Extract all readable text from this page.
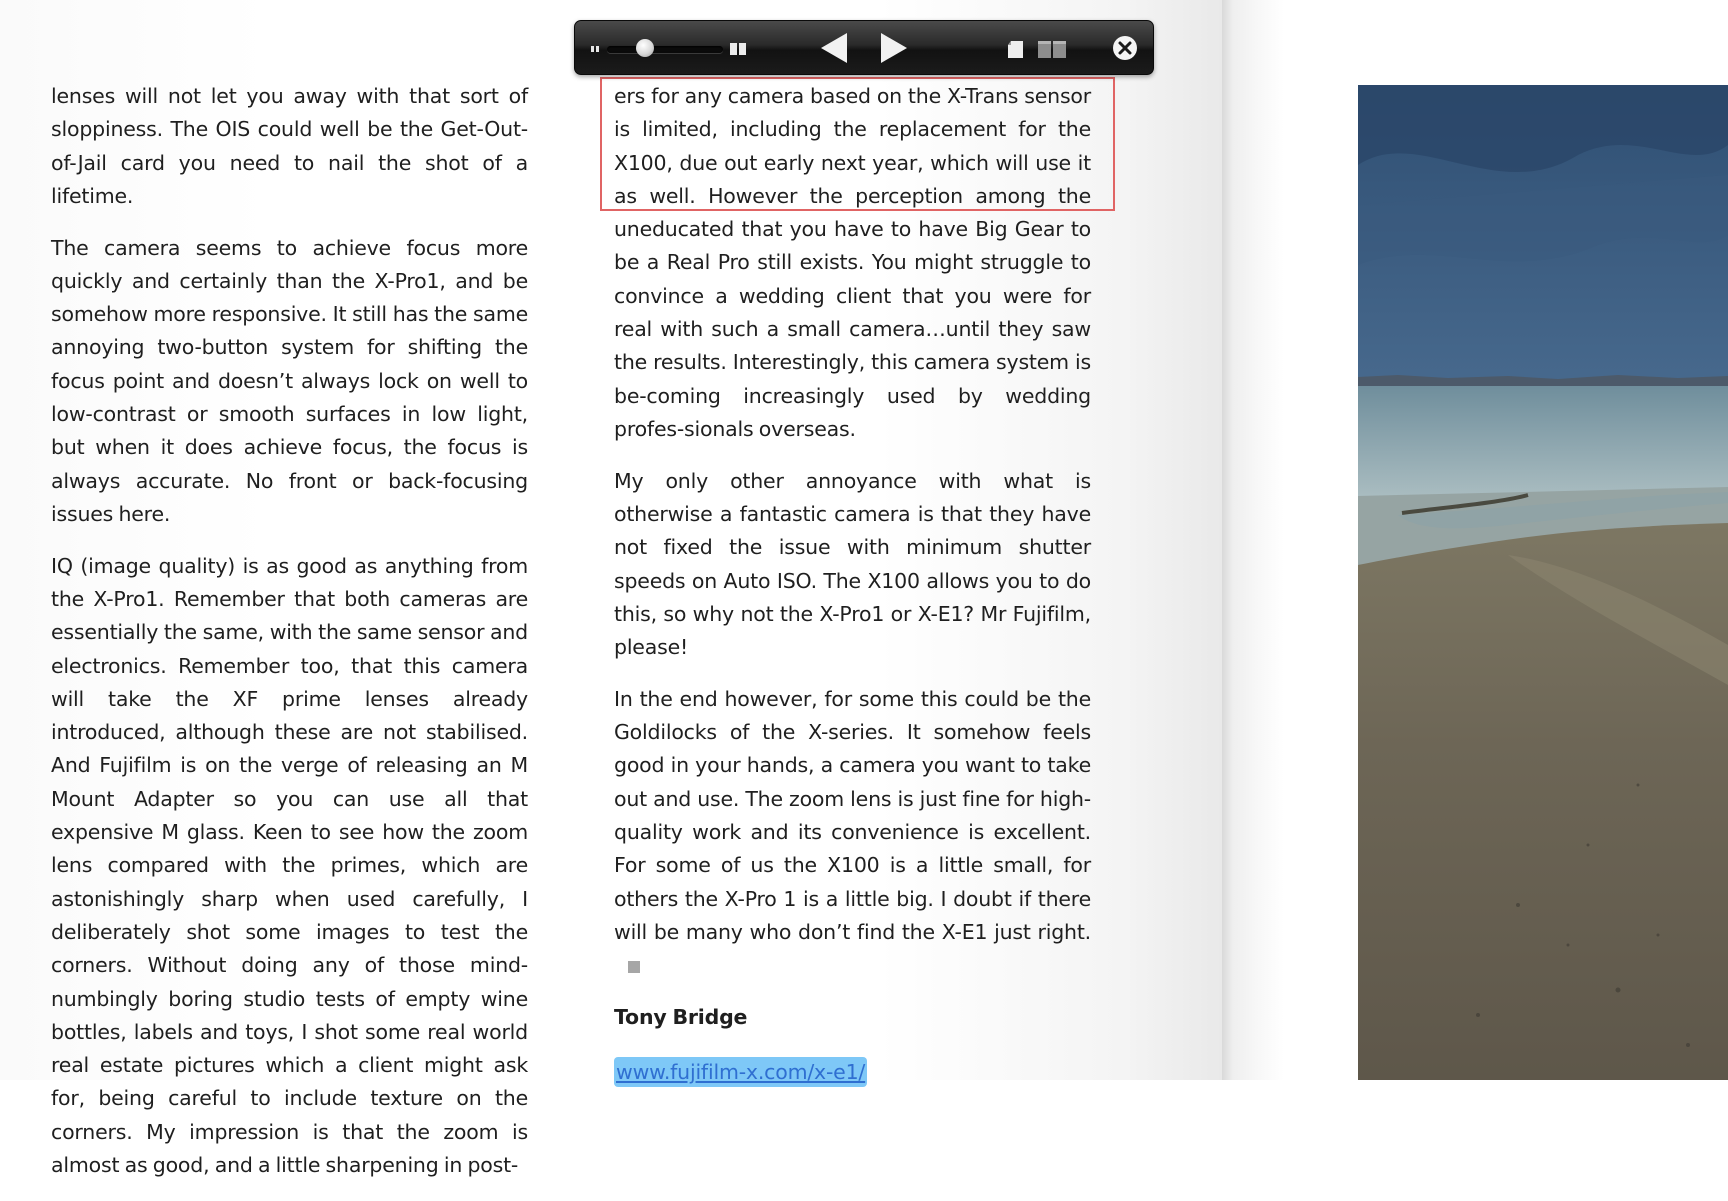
lenses will not let you away with that sort of sloppiness. The OIS could well be the Get-Out-of-Jail card you need to nail the shot of a lifetime.

The camera seems to achieve focus more quickly and certainly than the X-Pro1, and be somehow more responsive. It still has the same annoying two-button system for shifting the focus point and doesn’t always lock on well to low-contrast or smooth surfaces in low light, but when it does achieve focus, the focus is always accurate. No front or back-focusing issues here.

IQ (image quality) is as good as anything from the X-Pro1. Remember that both cameras are essentially the same, with the same sensor and electronics. Remember too, that this camera will take the XF prime lenses already introduced, although these are not stabilised. And Fujifilm is on the verge of releasing an M Mount Adapter so you can use all that expensive M glass. Keen to see how the zoom lens compared with the primes, which are astonishingly sharp when used carefully, I deliberately shot some images to test the corners. Without doing any of those mind-numbingly boring studio tests of empty wine bottles, labels and toys, I shot some real world real estate pictures which a client might ask for, being careful to include texture on the corners. My impression is that the zoom is almost as good, and a little sharpening in post-

ers for any camera based on the X-Trans sensor is limited, including the replacement for the X100, due out early next year, which will use it as well. However the perception among the uneducated that you have to have Big Gear to be a Real Pro still exists. You might struggle to convince a wedding client that you were for real with such a small camera…until they saw the results. Interestingly, this camera system is be-coming increasingly used by wedding profes-sionals overseas.

My only other annoyance with what is otherwise a fantastic camera is that they have not fixed the issue with minimum shutter speeds on Auto ISO. The X100 allows you to do this, so why not the X-Pro1 or X-E1? Mr Fujifilm, please!

In the end however, for some this could be the Goldilocks of the X-series. It somehow feels good in your hands, a camera you want to take out and use. The zoom lens is just fine for high-quality work and its convenience is excellent. For some of us the X100 is a little small, for others the X-Pro 1 is a little big. I doubt if there will be many who don’t find the X-E1 just right.

Tony Bridge
www.fujifilm-x.com/x-e1/
